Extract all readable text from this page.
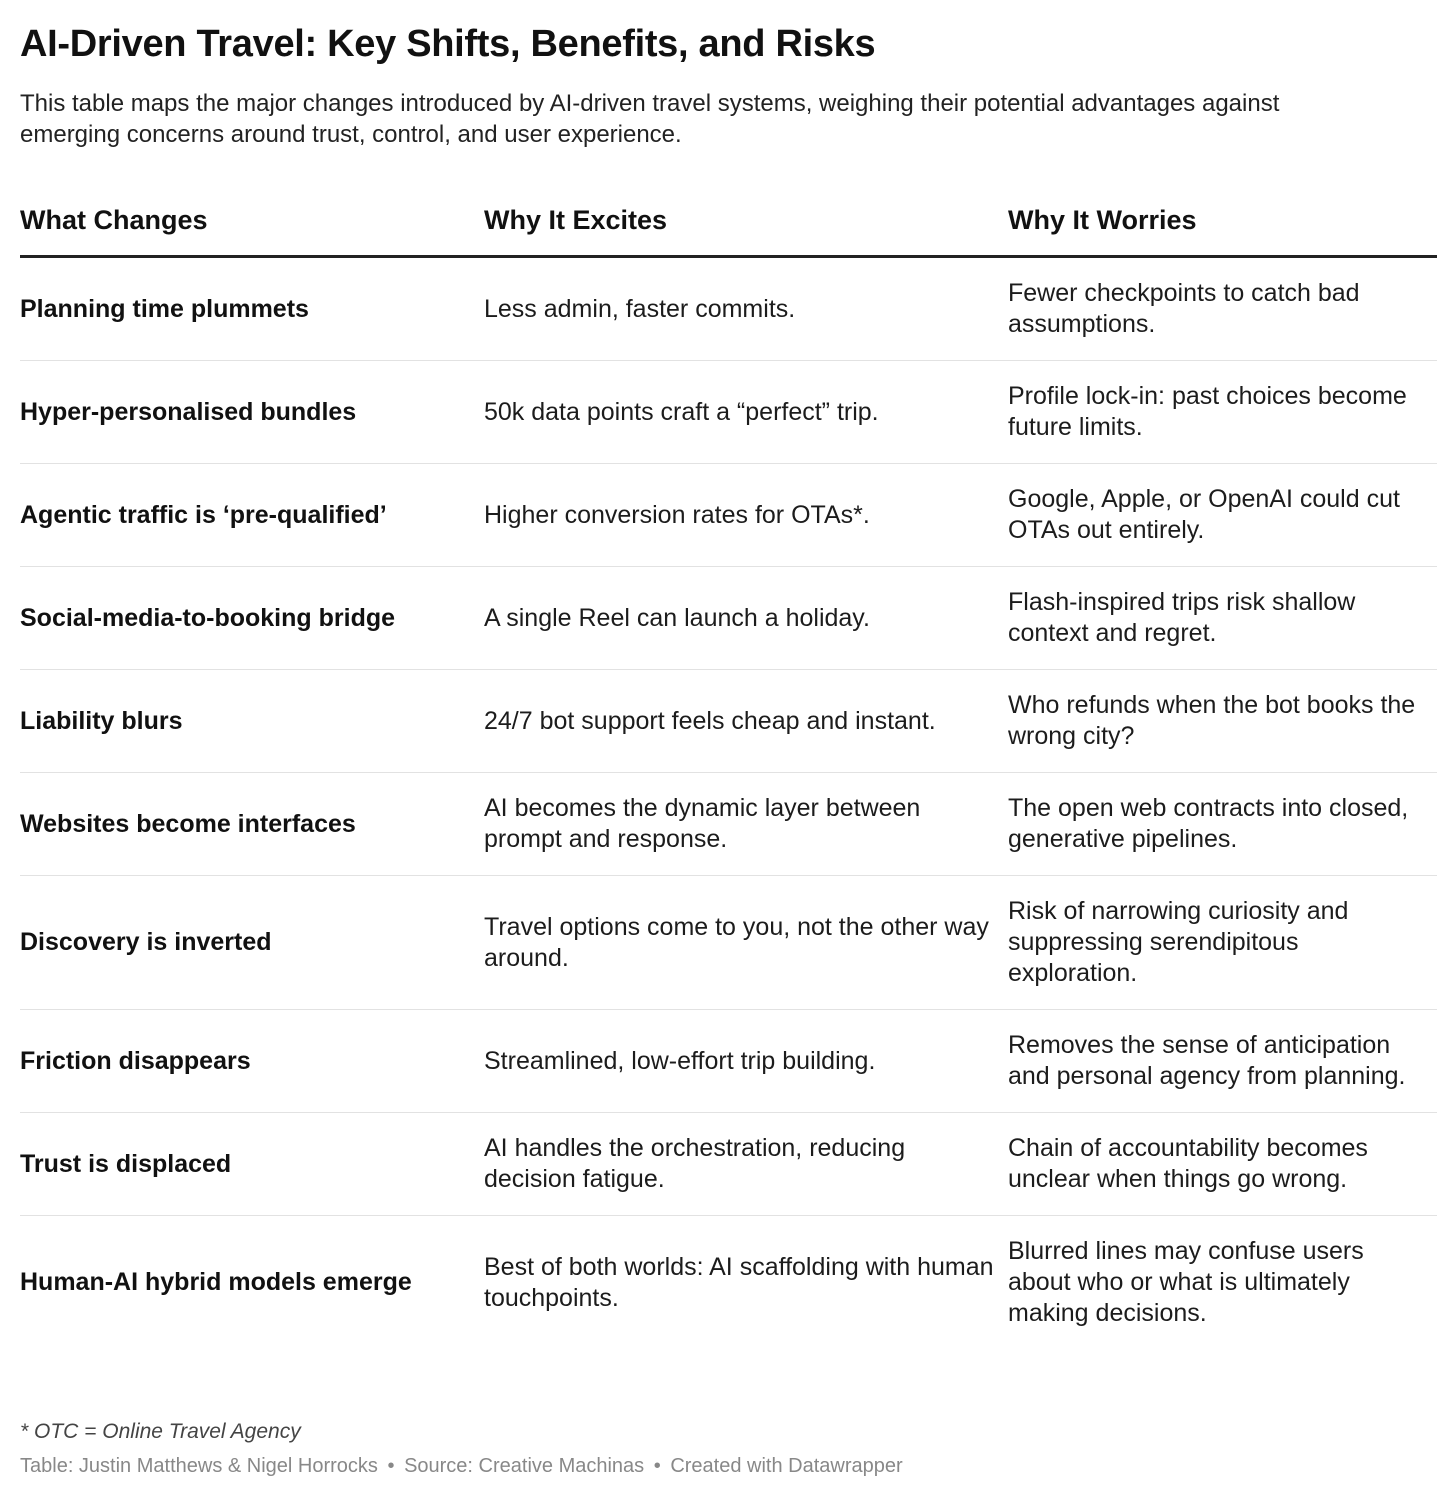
AI-Driven Travel: Key Shifts, Benefits, and Risks
This table maps the major changes introduced by AI-driven travel systems, weighing their potential advantages against emerging concerns around trust, control, and user experience.
What Changes	Why It Excites	Why It Worries
Planning time plummets	Less admin, faster commits.	Fewer checkpoints to catch bad assumptions.
Hyper-personalised bundles	50k data points craft a “perfect” trip.	Profile lock-in: past choices become future limits.
Agentic traffic is ‘pre-qualified’	Higher conversion rates for OTAs*.	Google, Apple, or OpenAI could cut OTAs out entirely.
Social-media-to-booking bridge	A single Reel can launch a holiday.	Flash-inspired trips risk shallow context and regret.
Liability blurs	24/7 bot support feels cheap and instant.	Who refunds when the bot books the wrong city?
Websites become interfaces	AI becomes the dynamic layer between prompt and response.	The open web contracts into closed, generative pipelines.
Discovery is inverted	Travel options come to you, not the other way around.	Risk of narrowing curiosity and suppressing serendipitous exploration.
Friction disappears	Streamlined, low-effort trip building.	Removes the sense of anticipation and personal agency from planning.
Trust is displaced	AI handles the orchestration, reducing decision fatigue.	Chain of accountability becomes unclear when things go wrong.
Human-AI hybrid models emerge	Best of both worlds: AI scaffolding with human touchpoints.	Blurred lines may confuse users about who or what is ultimately making decisions.
* OTC = Online Travel Agency
Table: Justin Matthews & Nigel Horrocks • Source: Creative Machinas • Created with Datawrapper
